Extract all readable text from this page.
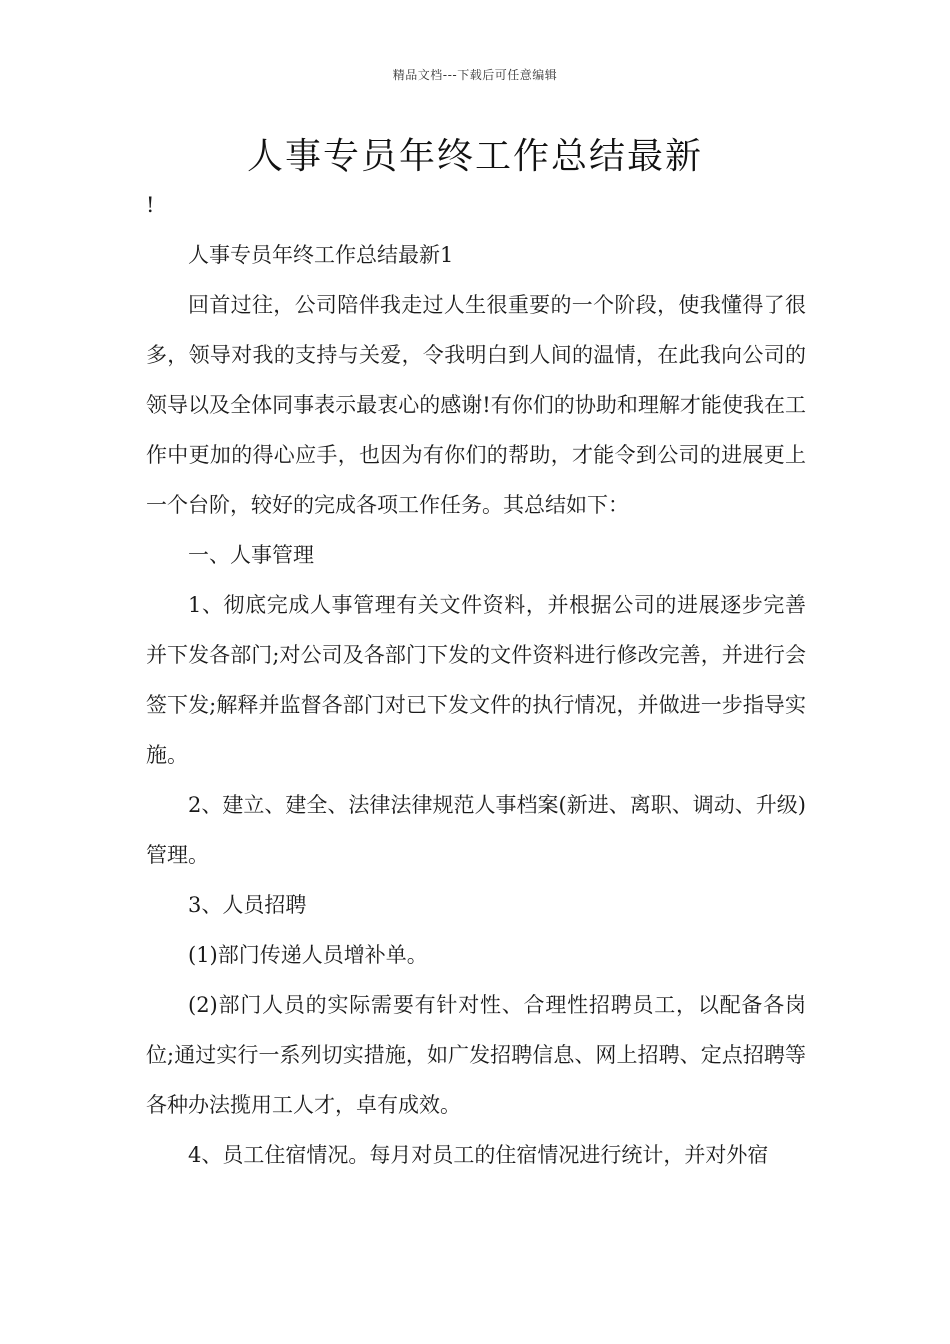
精品文档---下载后可任意编辑
人事专员年终工作总结最新

!

人事专员年终工作总结最新1

回首过往，公司陪伴我走过人生很重要的一个阶段，使我懂得了很多，领导对我的支持与关爱，令我明白到人间的温情，在此我向公司的领导以及全体同事表示最衷心的感谢!有你们的协助和理解才能使我在工作中更加的得心应手，也因为有你们的帮助，才能令到公司的进展更上一个台阶，较好的完成各项工作任务。其总结如下：

一、人事管理

1、彻底完成人事管理有关文件资料，并根据公司的进展逐步完善并下发各部门;对公司及各部门下发的文件资料进行修改完善，并进行会签下发;解释并监督各部门对已下发文件的执行情况，并做进一步指导实施。

2、建立、建全、法律法律规范人事档案(新进、离职、调动、升级)管理。

3、人员招聘

(1)部门传递人员增补单。

(2)部门人员的实际需要有针对性、合理性招聘员工，以配备各岗位;通过实行一系列切实措施，如广发招聘信息、网上招聘、定点招聘等各种办法揽用工人才，卓有成效。

4、员工住宿情况。每月对员工的住宿情况进行统计，并对外宿
